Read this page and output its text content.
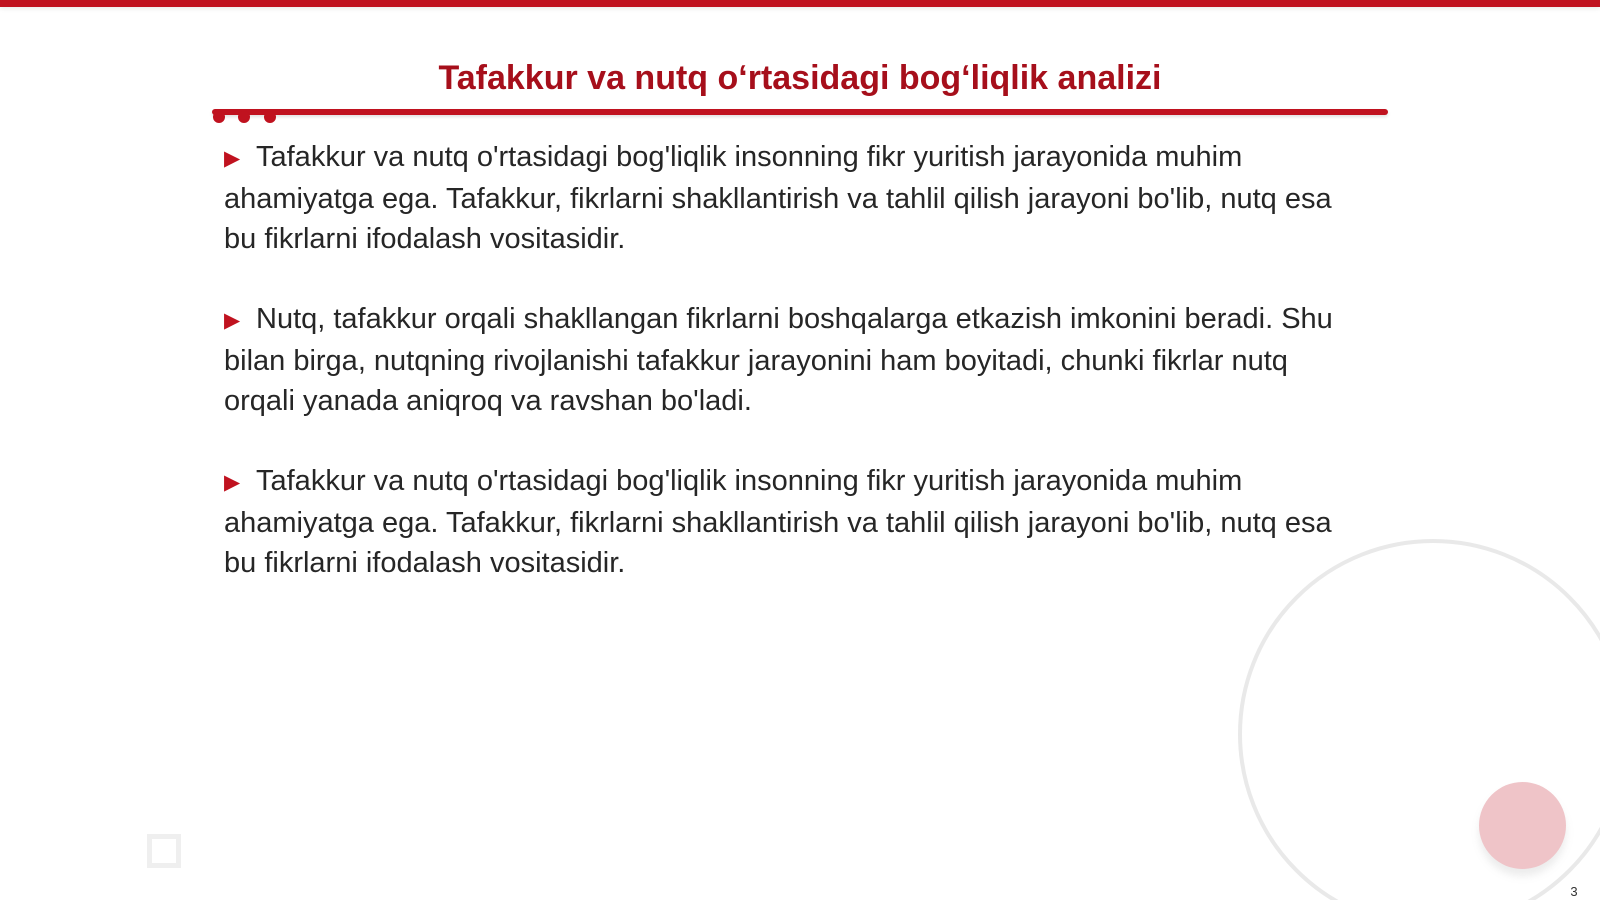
Tafakkur va nutq oʻrtasidagi bogʻliqlik analizi

▶ Tafakkur va nutq o'rtasidagi bog'liqlik insonning fikr yuritish jarayonida muhim ahamiyatga ega. Tafakkur, fikrlarni shakllantirish va tahlil qilish jarayoni bo'lib, nutq esa bu fikrlarni ifodalash vositasidir.

▶ Nutq, tafakkur orqali shakllangan fikrlarni boshqalarga etkazish imkonini beradi. Shu bilan birga, nutqning rivojlanishi tafakkur jarayonini ham boyitadi, chunki fikrlar nutq orqali yanada aniqroq va ravshan bo'ladi.

▶ Tafakkur va nutq o'rtasidagi bog'liqlik insonning fikr yuritish jarayonida muhim ahamiyatga ega. Tafakkur, fikrlarni shakllantirish va tahlil qilish jarayoni bo'lib, nutq esa bu fikrlarni ifodalash vositasidir.

3
